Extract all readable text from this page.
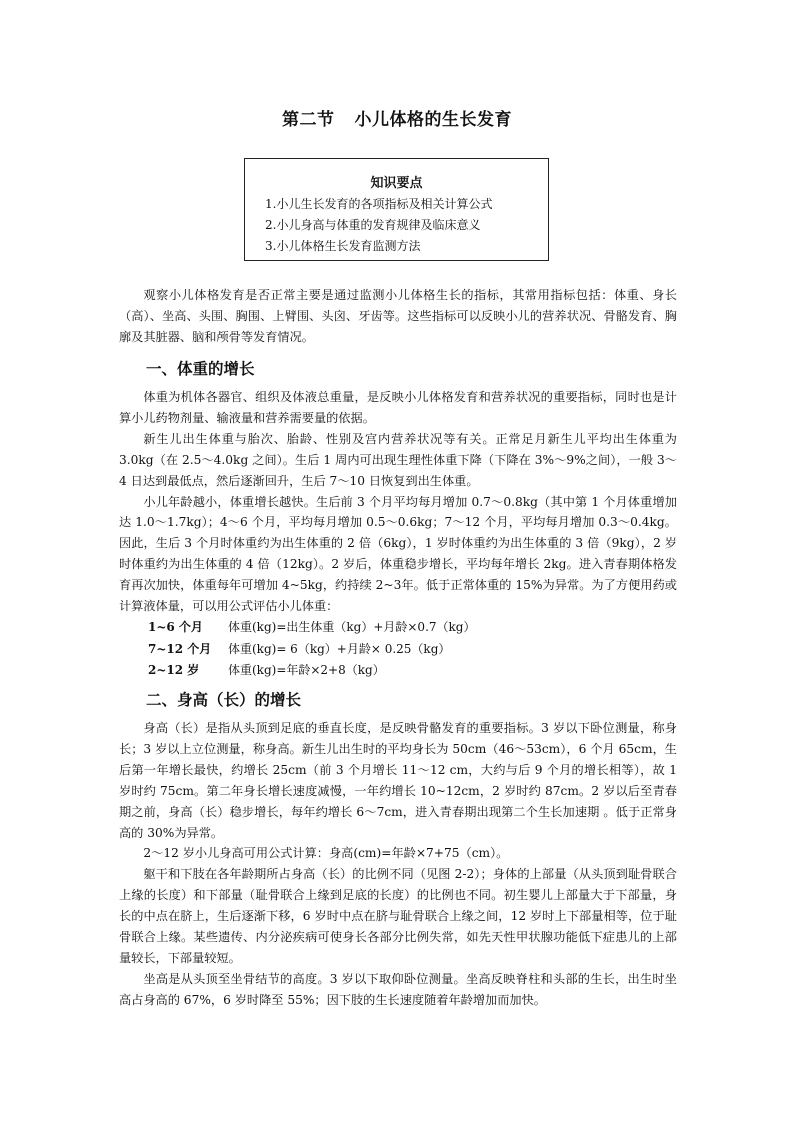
第二节 小儿体格的生长发育
知识要点
1.小儿生长发育的各项指标及相关计算公式
2.小儿身高与体重的发育规律及临床意义
3.小儿体格生长发育监测方法

观察小儿体格发育是否正常主要是通过监测小儿体格生长的指标，其常用指标包括：体重、身长（高）、坐高、头围、胸围、上臂围、头囟、牙齿等。这些指标可以反映小儿的营养状况、骨骼发育、胸廓及其脏器、脑和颅骨等发育情况。

一、体重的增长

体重为机体各器官、组织及体液总重量，是反映小儿体格发育和营养状况的重要指标，同时也是计算小儿药物剂量、输液量和营养需要量的依据。

新生儿出生体重与胎次、胎龄、性别及宫内营养状况等有关。正常足月新生儿平均出生体重为 3.0kg（在 2.5～4.0kg 之间）。生后 1 周内可出现生理性体重下降（下降在 3%～9%之间），一般 3～4 日达到最低点，然后逐渐回升，生后 7～10 日恢复到出生体重。

小儿年龄越小，体重增长越快。生后前 3 个月平均每月增加 0.7～0.8kg（其中第 1 个月体重增加达 1.0～1.7kg）；4～6 个月，平均每月增加 0.5～0.6kg；7～12 个月，平均每月增加 0.3～0.4kg。因此，生后 3 个月时体重约为出生体重的 2 倍（6kg），1 岁时体重约为出生体重的 3 倍（9kg），2 岁时体重约为出生体重的 4 倍（12kg）。2 岁后，体重稳步增长，平均每年增长 2kg。进入青春期体格发育再次加快，体重每年可增加 4~5kg，约持续 2~3年。低于正常体重的 15%为异常。为了方便用药或计算液体量，可以用公式评估小儿体重：

1~6 个月 体重(kg)=出生体重（kg）+月龄×0.7（kg）
7~12 个月 体重(kg)= 6（kg）+月龄× 0.25（kg）
2~12 岁 体重(kg)=年龄×2+8（kg）
二、身高（长）的增长

身高（长）是指从头顶到足底的垂直长度，是反映骨骼发育的重要指标。3 岁以下卧位测量，称身长；3 岁以上立位测量，称身高。新生儿出生时的平均身长为 50cm（46～53cm），6 个月 65cm，生后第一年增长最快，约增长 25cm（前 3 个月增长 11～12 cm，大约与后 9 个月的增长相等），故 1 岁时约 75cm。第二年身长增长速度减慢，一年约增长 10~12cm，2 岁时约 87cm。2 岁以后至青春期之前，身高（长）稳步增长，每年约增长 6～7cm，进入青春期出现第二个生长加速期 。低于正常身高的 30%为异常。

2～12 岁小儿身高可用公式计算：身高(cm)=年龄×7+75（cm）。

躯干和下肢在各年龄期所占身高（长）的比例不同（见图 2-2）；身体的上部量（从头顶到耻骨联合上缘的长度）和下部量（耻骨联合上缘到足底的长度）的比例也不同。初生婴儿上部量大于下部量，身长的中点在脐上，生后逐渐下移，6 岁时中点在脐与耻骨联合上缘之间，12 岁时上下部量相等，位于耻骨联合上缘。某些遗传、内分泌疾病可使身长各部分比例失常，如先天性甲状腺功能低下症患儿的上部量较长，下部量较短。

坐高是从头顶至坐骨结节的高度。3 岁以下取仰卧位测量。坐高反映脊柱和头部的生长，出生时坐高占身高的 67%，6 岁时降至 55%；因下肢的生长速度随着年龄增加而加快。
